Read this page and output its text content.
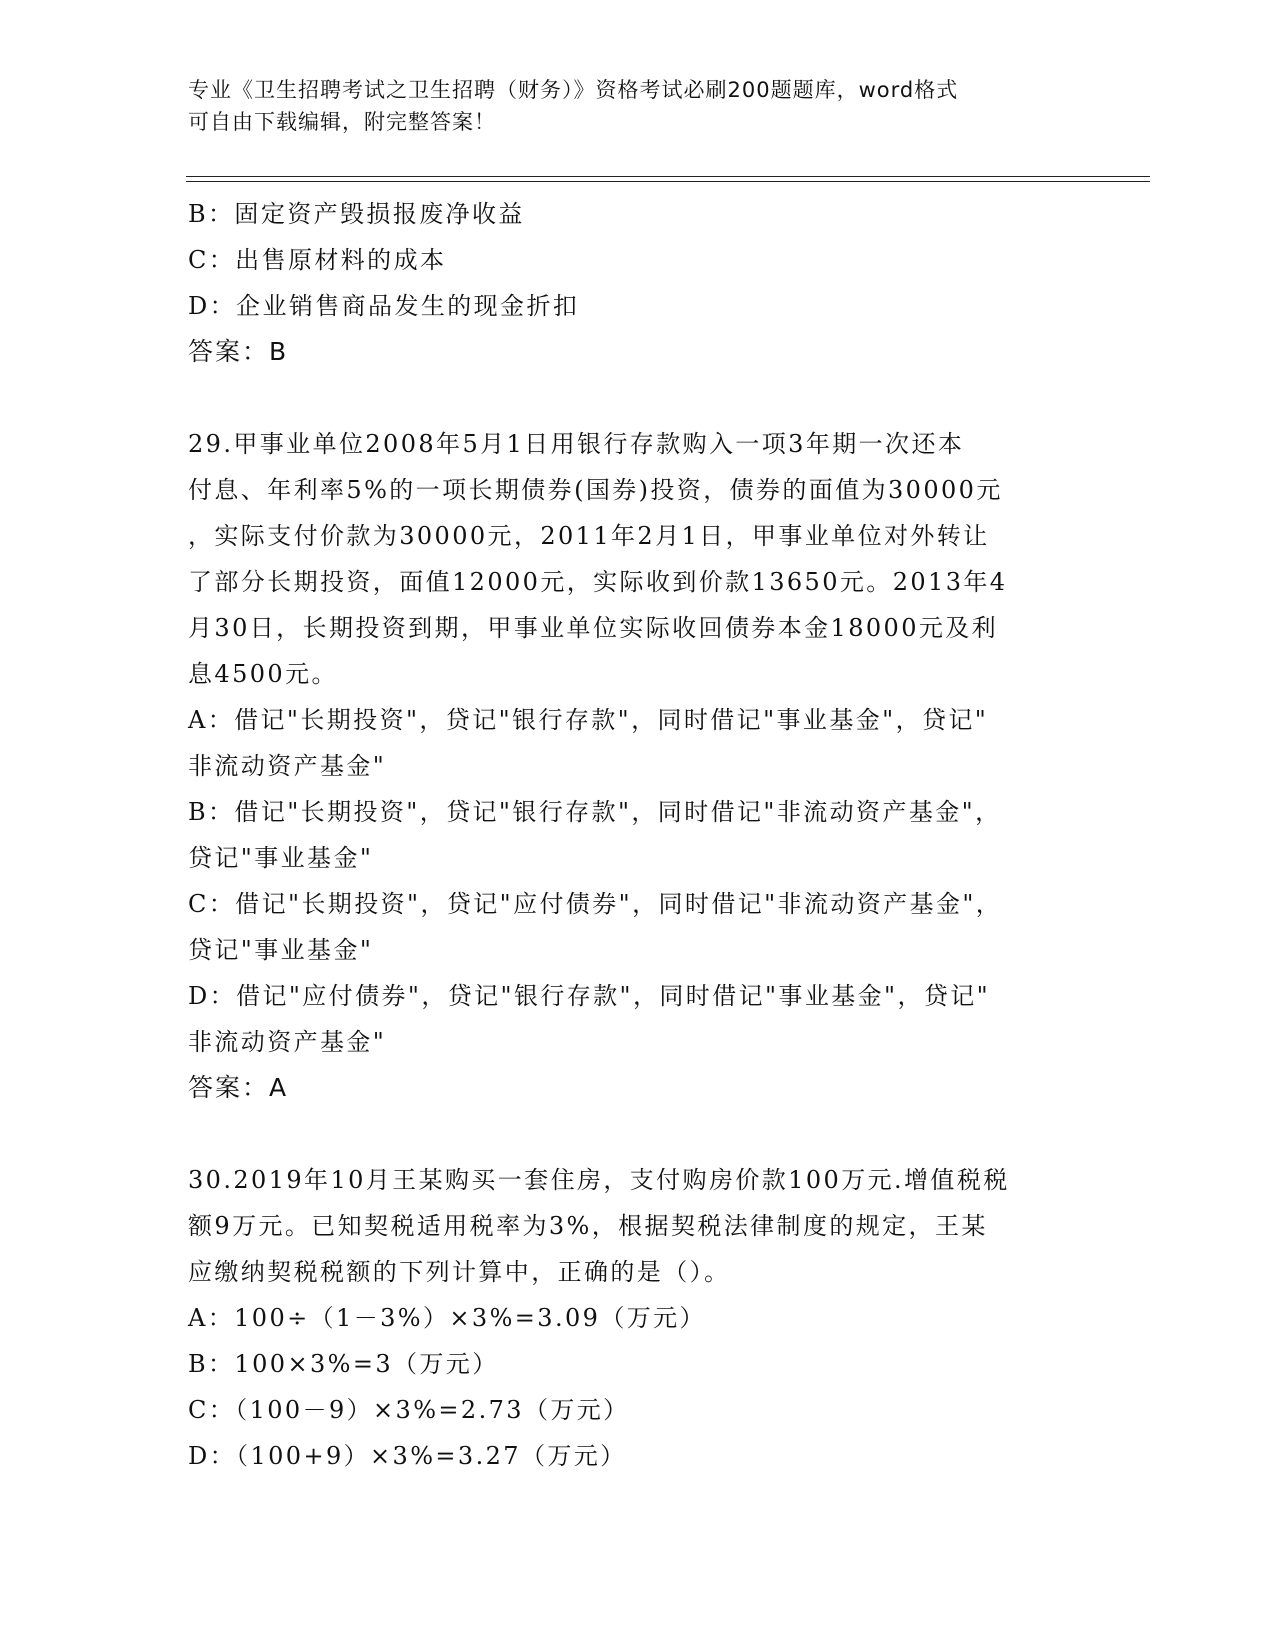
专业《卫生招聘考试之卫生招聘（财务）》资格考试必刷200题题库，word格式
可自由下载编辑，附完整答案！
B：固定资产毁损报废净收益
C：出售原材料的成本
D：企业销售商品发生的现金折扣
答案：B
29.甲事业单位2008年5月1日用银行存款购入一项3年期一次还本
付息、年利率5%的一项长期债券(国券)投资，债券的面值为30000元
，实际支付价款为30000元，2011年2月1日，甲事业单位对外转让
了部分长期投资，面值12000元，实际收到价款13650元。2013年4
月30日，长期投资到期，甲事业单位实际收回债券本金18000元及利
息4500元。
A：借记"长期投资"，贷记"银行存款"，同时借记"事业基金"，贷记"
非流动资产基金"
B：借记"长期投资"，贷记"银行存款"，同时借记"非流动资产基金"，
贷记"事业基金"
C：借记"长期投资"，贷记"应付债券"，同时借记"非流动资产基金"，
贷记"事业基金"
D：借记"应付债券"，贷记"银行存款"，同时借记"事业基金"，贷记"
非流动资产基金"
答案：A
30.2019年10月王某购买一套住房，支付购房价款100万元.增值税税
额9万元。已知契税适用税率为3%，根据契税法律制度的规定，王某
应缴纳契税税额的下列计算中，正确的是（）。
A：100÷（1－3%）×3%=3.09（万元）
B：100×3%=3（万元）
C：（100－9）×3%=2.73（万元）
D：（100+9）×3%=3.27（万元）
